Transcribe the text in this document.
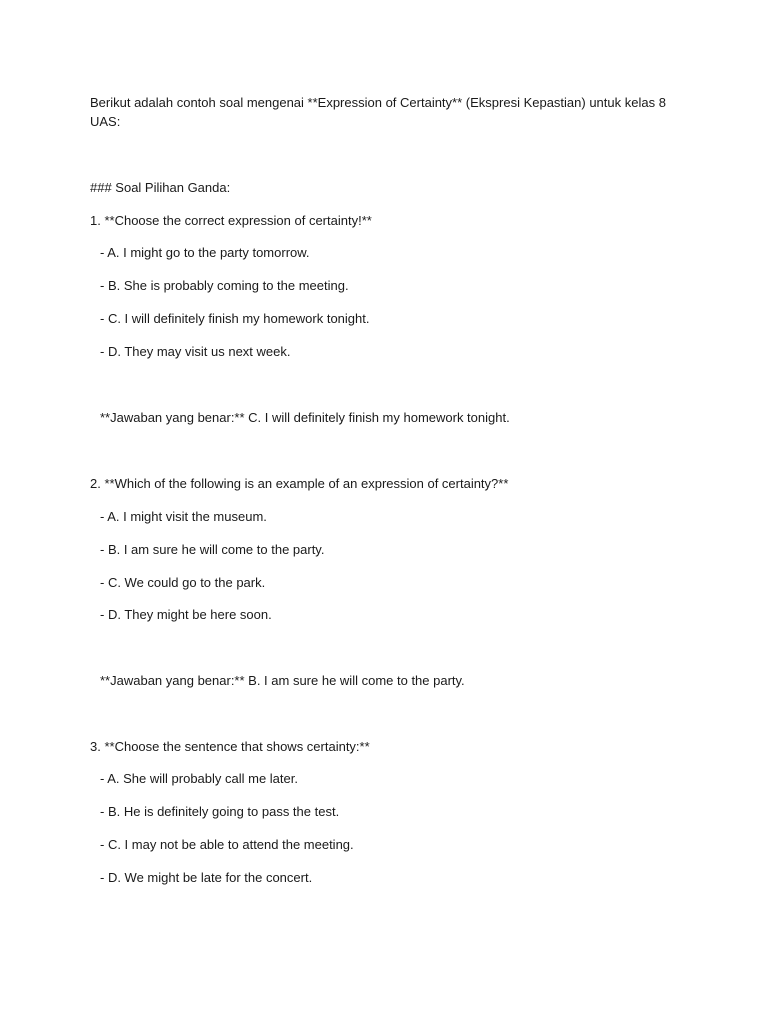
Berikut adalah contoh soal mengenai **Expression of Certainty** (Ekspresi Kepastian) untuk kelas 8
UAS:
### Soal Pilihan Ganda:
1. **Choose the correct expression of certainty!**
- A. I might go to the party tomorrow.
- B. She is probably coming to the meeting.
- C. I will definitely finish my homework tonight.
- D. They may visit us next week.
**Jawaban yang benar:** C. I will definitely finish my homework tonight.
2. **Which of the following is an example of an expression of certainty?**
- A. I might visit the museum.
- B. I am sure he will come to the party.
- C. We could go to the park.
- D. They might be here soon.
**Jawaban yang benar:** B. I am sure he will come to the party.
3. **Choose the sentence that shows certainty:**
- A. She will probably call me later.
- B. He is definitely going to pass the test.
- C. I may not be able to attend the meeting.
- D. We might be late for the concert.
